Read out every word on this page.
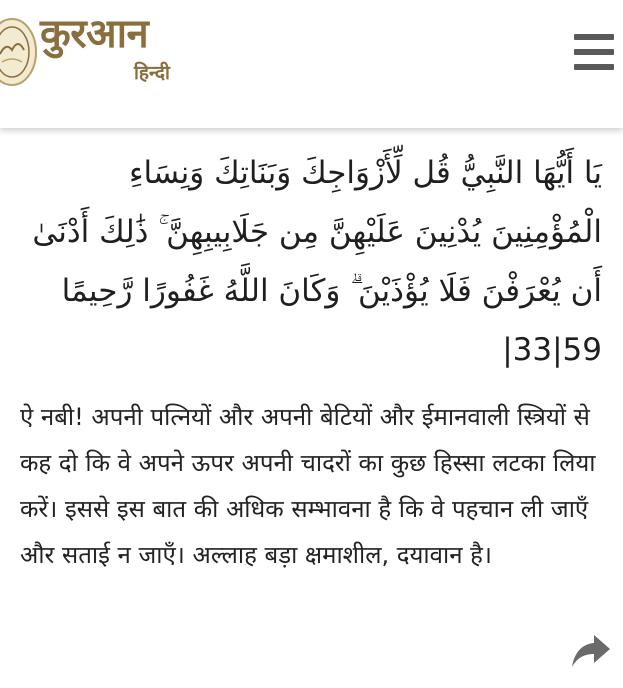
कुरआन
हिन्दी
يَا أَيُّهَا النَّبِيُّ قُل لِّأَزْوَاجِكَ وَبَنَاتِكَ وَنِسَاءِ الْمُؤْمِنِينَ يُدْنِينَ عَلَيْهِنَّ مِن جَلَابِيبِهِنَّ ۚ ذَٰلِكَ أَدْنَىٰ أَن يُعْرَفْنَ فَلَا يُؤْذَيْنَ ۗ وَكَانَ اللَّهُ غَفُورًا رَّحِيمًا |33|59
ऐ नबी! अपनी पत्नियों और अपनी बेटियों और ईमानवाली स्त्रियों से कह दो कि वे अपने ऊपर अपनी चादरों का कुछ हिस्सा लटका लिया करें। इससे इस बात की अधिक सम्भावना है कि वे पहचान ली जाएँ और सताई न जाएँ। अल्लाह बड़ा क्षमाशील, दयावान है।
